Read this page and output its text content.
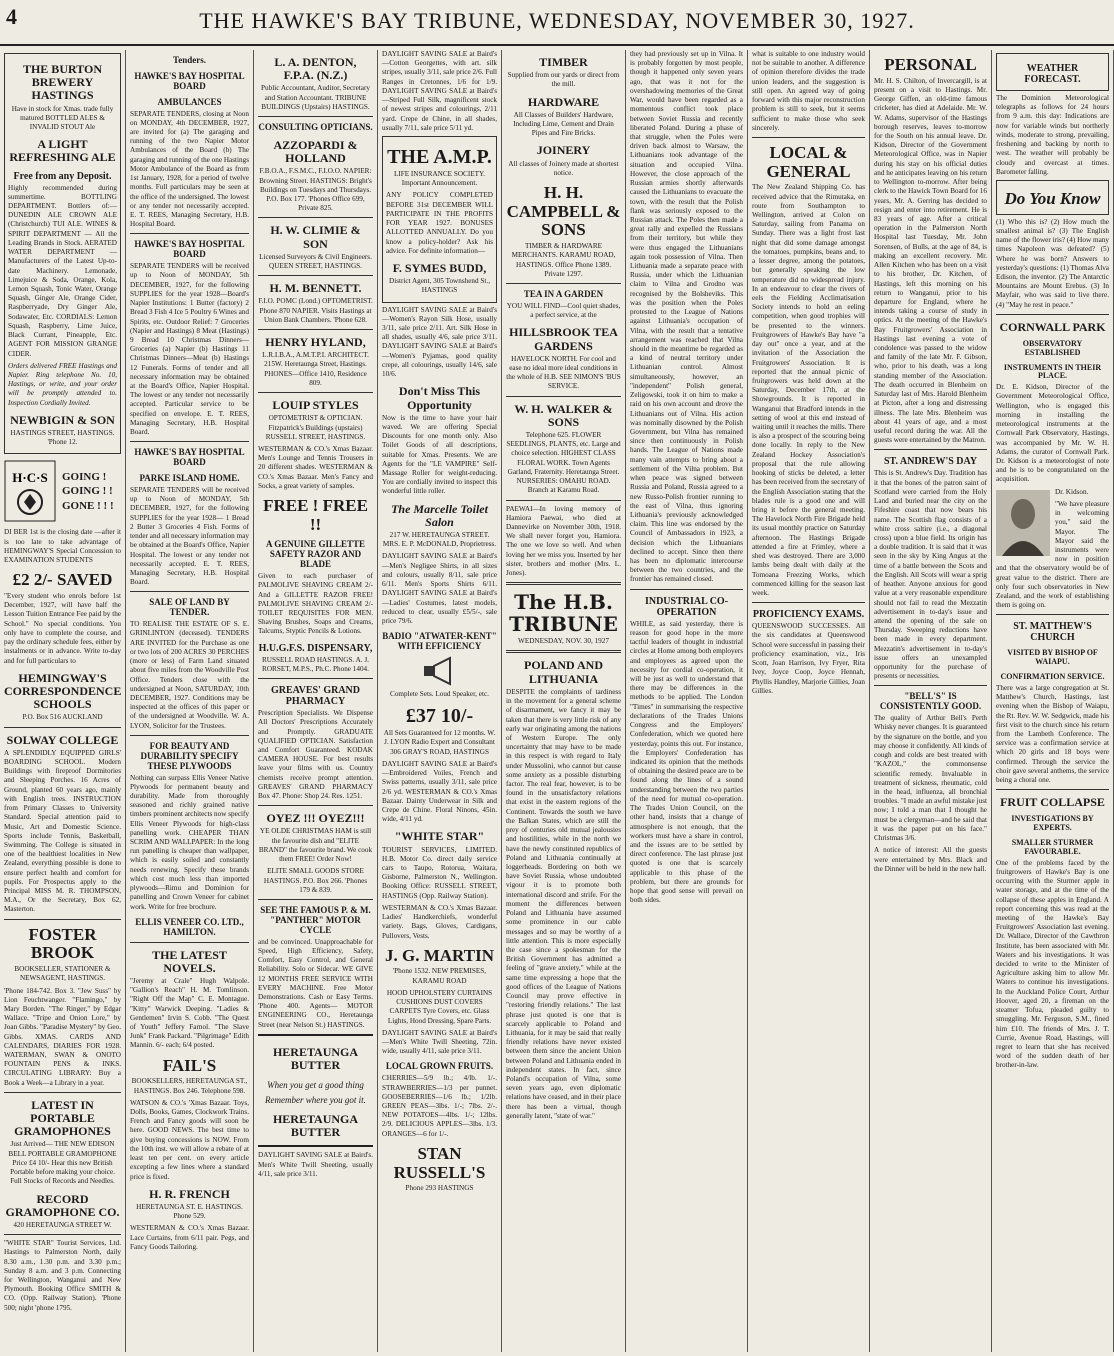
4	THE HAWKE'S BAY TRIBUNE, WEDNESDAY, NOVEMBER 30, 1927.
THE BURTON BREWERY HASTINGS

Have in stock for Xmas. trade fully matured BOTTLED ALES & INVALID STOUT Ale

A LIGHT REFRESHING ALE
Free from any Deposit.

Highly recommended during summertime. BOTTLING DEPARTMENT. Bottlers of:— DUNEDIN ALE CROWN ALE (Christchurch) TUI ALE. WINES & SPIRIT DEPARTMENT — All the Leading Brands in Stock. AERATED WATER DEPARTMENT — Manufacturers of the Latest Up-to-date Machinery. Lemonade, Limejuice & Soda, Orange, Kola, Lemon Squash, Tonic Water, Orange Squash, Ginger Ale, Orange Cider, Raspberryade, Dry Ginger Ale, Sodawater, Etc. CORDIALS: Lemon Squash, Raspberry, Lime Juice, Black Currant, Pineapple, Etc. AGENT FOR MISSION GRANGE CIDER.

Orders delivered FREE Hastings and Napier. Ring telephone No. 10, Hastings, or write, and your order will be promptly attended to. Inspection Cordially Invited.

NEWBIGIN & SON

HASTINGS STREET, HASTINGS. 'Phone 12.

H·C·S GOING !
GOING ! !
GONE ! ! !

DI BER 1st is the closing date —after it is too late to take advantage of HEMINGWAY'S Special Concession to EXAMINATION STUDENTS

£2 2/- SAVED

"Every student who enrols before 1st December, 1927, will have half the Lesson Tuition Entrance Fee paid by the School." No special conditions. You only have to complete the course, and pay the ordinary schedule fees, either by instalments or in advance. Write to-day and for full particulars to

HEMINGWAY'S CORRESPONDENCE SCHOOLS

P.O. Box 516 AUCKLAND

SOLWAY COLLEGE

A SPLENDIDLY EQUIPPED GIRLS' BOARDING SCHOOL. Modern Buildings with fireproof Dormitories and Sleeping Porches. 16 Acres of Ground, planted 60 years ago, mainly with English trees. INSTRUCTION from Primary Classes to University Standard. Special attention paid to Music, Art and Domestic Science. Sports include Tennis, Basketball, Swimming. The College is situated in one of the healthiest localities in New Zealand, everything possible is done to ensure perfect health and comfort for pupils. For Prospectus apply to the Principal MISS M. R. THOMPSON, M.A., Or the Secretary, Box 62, Masterton.

FOSTER BROOK

BOOKSELLER, STATIONER & NEWSAGENT, HASTINGS.

'Phone 184-742. Box 3. "Jew Suss" by Lion Feuchtwanger. "Flamingo," by Mary Borden. "The Ringer," by Edgar Wallace. "Tripe and Onion Lore," by Joan Gibbs. "Paradise Mystery" by Geo. Gibbs. XMAS. CARDS AND CALENDARS, DIARIES FOR 1928. WATERMAN, SWAN & ONOTO FOUNTAIN PENS & INKS. CIRCULATING LIBRARY: Buy a Book a Week—a Library in a year.

LATEST IN PORTABLE GRAMOPHONES

Just Arrived— THE NEW EDISON BELL PORTABLE GRAMOPHONE Price £4 10/- Hear this new British Portable before making your choice. Full Stocks of Records and Needles.

RECORD GRAMOPHONE CO.

420 HERETAUNGA STREET W.

"WHITE STAR" Tourist Services, Ltd. Hastings to Palmerston North, daily 8.30 a.m., 1.30 p.m. and 3.30 p.m.; Sunday 8 a.m. and 3 p.m. Connecting for Wellington, Wanganui and New Plymouth. Booking Office SMITH & CO. (Opp. Railway Station). 'Phone 500; night 'phone 1795.

Tenders.
HAWKE'S BAY HOSPITAL BOARD
AMBULANCES

SEPARATE TENDERS, closing at Noon on MONDAY, 4th DECEMBER, 1927, are invited for (a) The garaging and running of the two Napier Motor Ambulances of the Board (b) The garaging and running of the one Hastings Motor Ambulance of the Board as from 1st January, 1928, for a period of twelve months. Full particulars may be seen at the office of the undersigned. The lowest or any tender not necessarily accepted. E. T. REES, Managing Secretary, H.B. Hospital Board.

HAWKE'S BAY HOSPITAL BOARD

SEPARATE TENDERS will be received up to Noon of MONDAY, 5th DECEMBER, 1927, for the following SUPPLIES for the year 1928—Board's Napier Institutions: 1 Butter (factory) 2 Bread 3 Fish 4 Ice 5 Poultry 6 Wines and Spirits, etc. Outdoor Relief: 7 Groceries (Napier and Hastings) 8 Meat (Hastings) 9 Bread 10 Christmas Dinners—Groceries (a) Napier (b) Hastings 11 Christmas Dinners—Meat (b) Hastings 12 Funerals. Forms of tender and all necessary information may be obtained at the Board's Office, Napier Hospital. The lowest or any tender not necessarily accepted. Particular service to be specified on envelope. E. T. REES, Managing Secretary, H.B. Hospital Board.

HAWKE'S BAY HOSPITAL BOARD
PARKE ISLAND HOME.

SEPARATE TENDERS will be received up to Noon of MONDAY, 5th DECEMBER, 1927, for the following SUPPLIES for the year 1928— 1 Bread 2 Butter 3 Groceries 4 Fish. Forms of tender and all necessary information may be obtained at the Board's Office, Napier Hospital. The lowest or any tender not necessarily accepted. E. T. REES, Managing Secretary, H.B. Hospital Board.

SALE OF LAND BY TENDER.

TO REALISE THE ESTATE OF S. E. GRINLINTON (deceased). TENDERS ARE INVITED for the Purchase as one or two lots of 200 ACRES 30 PERCHES (more or less) of Farm Land situated about five miles from the Woodville Post Office. Tenders close with the undersigned at Noon, SATURDAY, 10th DECEMBER, 1927. Conditions may be inspected at the offices of this paper or of the undersigned at Woodville. W. A. LYON, Solicitor for the Trustees.

FOR BEAUTY AND DURABILITY SPECIFY THESE PLYWOODS

Nothing can surpass Ellis Veneer Native Plywoods for permanent beauty and durability. Made from thoroughly seasoned and richly grained native timbers prominent architects now specify Ellis Veneer Plywoods for high-class panelling work. CHEAPER THAN SCRIM AND WALLPAPER: In the long run panelling is cheaper than wallpaper, which is easily soiled and constantly needs renewing. Specify these brands which cost much less than imported plywoods—Rimu and Dominion for panelling and Crown Veneer for cabinet work. Write for free brochure.

ELLIS VENEER CO. LTD., HAMILTON.
THE LATEST NOVELS.

"Jeremy at Crale" Hugh Walpole. "Gallion's Reach" H. M. Tomlinson. "Right Off the Map" C. E. Montague. "Kitty" Warwick Deeping. "Ladies & Gentlemen" Irvin S. Cobb. "The Quest of Youth" Jeffery Farnol. "The Slave Junk" Frank Packard. "Pilgrimage" Edith Mannin. 6/- each; 6/4 posted.

FAIL'S

BOOKSELLERS, HERETAUNGA ST., HASTINGS. Box 246. Telephone 598.

WATSON & CO.'s 'Xmas Bazaar. Toys, Dolls, Books, Games, Clockwork Trains. French and Fancy goods will soon be here. GOOD NEWS. The best time to give buying concessions is NOW. From the 10th inst. we will allow a rebate of at least ten per cent. on every article excepting a few lines where a standard price is fixed.

H. R. FRENCH

HERETAUNGA ST. E. HASTINGS. Phone 529.

WESTERMAN & CO.'s Xmas Bazaar. Lace Curtains, from 6/11 pair. Pegs, and Fancy Goods Tailoring.

L. A. DENTON, F.P.A. (N.Z.)

Public Accountant, Auditor, Secretary and Station Accountant. TRIBUNE BUILDINGS (Upstairs) HASTINGS.

CONSULTING OPTICIANS.
AZZOPARDI & HOLLAND

F.B.O.A., F.S.M.C., F.I.O.O. NAPIER: Browning Street. HASTINGS: Bright's Buildings on Tuesdays and Thursdays. P.O. Box 177. 'Phones Office 699, Private 825.

H. W. CLIMIE & SON

Licensed Surveyors & Civil Engineers. QUEEN STREET, HASTINGS.

H. M. BENNETT.

F.I.O. POMC (Lond.) OPTOMETRIST. Phone 870 NAPIER. Visits Hastings at Union Bank Chambers. 'Phone 628.

HENRY HYLAND,

L.R.I.B.A., A.M.T.P.I. ARCHITECT. 215W. Heretaunga Street, Hastings. PHONES—Office 1410, Residence 809.

LOUIP STYLES

OPTOMETRIST & OPTICIAN. Fitzpatrick's Buildings (upstairs) RUSSELL STREET, HASTINGS.

WESTERMAN & CO.'s Xmas Bazaar. Men's Lounge and Tennis Trousers in 20 different shades. WESTERMAN & CO.'s Xmas Bazaar. Men's Fancy and Socks, a great variety of samples.

FREE ! FREE !!
A GENUINE GILLETTE SAFETY RAZOR AND BLADE

Given to each purchaser of PALMOLIVE SHAVING CREAM 2/- And a GILLETTE RAZOR FREE! PALMOLIVE SHAVING CREAM 2/- TOILET REQUISITES FOR MEN. Shaving Brushes, Soaps and Creams, Talcums, Styptic Pencils & Lotions.

H.U.G.F.S. DISPENSARY,

RUSSELL ROAD HASTINGS. A. J. RORSET, M.P.S., Ph.C. Phone 1404.

GREAVES' GRAND PHARMACY

Prescription Specialists. We Dispense All Doctors' Prescriptions Accurately and Promptly. GRADUATE QUALIFIED OPTICIAN. Satisfaction and Comfort Guaranteed. KODAK CAMERA HOUSE. For best results leave your films with us. Country chemists receive prompt attention. GREAVES' GRAND PHARMACY Box 47. Phone: Shop 24. Res. 1251.

OYEZ !!! OYEZ!!!

YE OLDE CHRISTMAS HAM is still the favourite dish and "ELITE BRAND" the favourite brand. We cook them FREE! Order Now!

ELITE SMALL GOODS STORE HASTINGS. P.O. Box 266. 'Phones 179 & 839.

SEE THE FAMOUS P. & M. "PANTHER" MOTOR CYCLE

and be convinced. Unapproachable for Speed, High Efficiency, Safety, Comfort, Easy Control, and General Reliability. Solo or Sidecar. WE GIVE 12 MONTHS FREE SERVICE WITH EVERY MACHINE. Free Motor Demonstrations. Cash or Easy Terms. 'Phone 400. Agents— MOTOR ENGINEERING CO., Heretaunga Street (near Nelson St.) HASTINGS.

HERETAUNGA BUTTER

When you get a good thing Remember where you got it.

HERETAUNGA BUTTER

DAYLIGHT SAVING SALE at Baird's. Men's White Twill Sheeting, usually 4/11, sale price 3/11.

DAYLIGHT SAVING SALE at Baird's—Cotton Georgettes, with art. silk stripes, usually 3/11, sale price 2/6. Full Ranges in Cretonnes, 1/6 for 1/9. DAYLIGHT SAVING SALE at Baird's—Striped Full Silk, magnificent stock of newest stripes and colourings, 2/11 yard. Crepe de Chine, in all shades, usually 7/11, sale price 5/11 yd.

THE A.M.P.

LIFE INSURANCE SOCIETY. Important Announcement.

ANY POLICY COMPLETED BEFORE 31st DECEMBER WILL PARTICIPATE IN THE PROFITS FOR YEAR 1927. BONUSES ALLOTTED ANNUALLY. Do you know a policy-holder? Ask his advice. For definite information—

F. SYMES BUDD,

District Agent, 305 Townshend St., HASTINGS

DAYLIGHT SAVING SALE at Baird's—Women's Rayon Silk Hose, usually 3/11, sale price 2/11. Art. Silk Hose in all shades, usually 4/6, sale price 3/11. DAYLIGHT SAVING SALE at Baird's—Women's Pyjamas, good quality crepe, all colourings, usually 14/6, sale 10/6.

Don't Miss This Opportunity

Now is the time to have your hair waved. We are offering Special Discounts for one month only. Also Toilet Goods of all descriptions, suitable for Xmas. Presents. We are Agents for the "LE VAMPIRE" Self-Massage Roller for weight-reducing. You are cordially invited to inspect this wonderful little roller.

The Marcelle Toilet Salon

217 W. HERETAUNGA STREET. MRS. E. P. McDONALD, Proprietress.

DAYLIGHT SAVING SALE at Baird's—Men's Negligee Shirts, in all sizes and colours, usually 8/11, sale price 6/11. Men's Sports Shirts 6/11. DAYLIGHT SAVING SALE at Baird's—Ladies' Costumes, latest models, reduced to clear, usually £5/5/-, sale price 79/6.

BADIO "ATWATER-KENT" WITH EFFICIENCY

Complete Sets. Loud Speaker, etc.

£37 10/-

All Sets Guaranteed for 12 months. W. J. LYON Radio Expert and Consultant 306 GRAY'S ROAD, HASTINGS

DAYLIGHT SAVING SALE at Baird's—Embroidered Voiles, French and Swiss patterns, usually 3/11, sale price 2/6 yd. WESTERMAN & CO.'s Xmas Bazaar. Dainty Underwear in Silk and Crepe de Chine. Floral Ninons, 45in. wide, 4/11 yd.

"WHITE STAR"

TOURIST SERVICES, LIMITED. H.B. Motor Co. direct daily service cars to Taupo, Rotorua, Waitara, Gisborne, Palmerston N., Wellington. Booking Office: RUSSELL STREET, HASTINGS (Opp. Railway Station).

WESTERMAN & CO.'s Xmas Bazaar. Ladies' Handkerchiefs, wonderful variety. Bags, Gloves, Cardigans, Pullovers, Vests.

J. G. MARTIN

'Phone 1532. NEW PREMISES, KARAMU ROAD

HOOD UPHOLSTERY CURTAINS CUSHIONS DUST COVERS CARPETS Tyre Covers, etc. Glass Lights, Hood Dressing, Spare Parts.

DAYLIGHT SAVING SALE at Baird's—Men's White Twill Sheeting, 72in. wide, usually 4/11, sale price 3/11.

LOCAL GROWN FRUITS.

CHERRIES—5/9 lb.; 4/lb. 1/-. STRAWBERRIES—1/3 per punnet. GOOSEBERRIES—1/6 lb.; 1/2lb. GREEN PEAS—3lbs. 1/-; 7lbs. 2/-. NEW POTATOES—4lbs. 1/-; 12lbs. 2/9. DELICIOUS APPLES—3lbs. 1/3. ORANGES—6 for 1/-.

STAN RUSSELL'S

Phone 293 HASTINGS

TIMBER

Supplied from our yards or direct from the mill.

HARDWARE

All Classes of Builders' Hardware, Including Lime, Cement and Drain Pipes and Fire Bricks.

JOINERY

All classes of Joinery made at shortest notice.

H. H. CAMPBELL & SONS

TIMBER & HARDWARE MERCHANTS. KARAMU ROAD, HASTINGS. Office Phone 1389. Private 1297.

TEA IN A GARDEN

YOU WILL FIND—Cool quiet shades, a perfect service, at the

HILLSBROOK TEA GARDENS

HAVELOCK NORTH. For cool and ease no ideal more ideal conditions in the whole of H.B. SEE NIMON'S 'BUS SERVICE.

W. H. WALKER & SONS

Telephone 625. FLOWER SEEDLINGS, PLANTS, etc. Large and choice selection. HIGHEST CLASS FLORAL WORK. Town Agents Garland, Fraternity. Heretaunga Street. NURSERIES: OMAHU ROAD. Branch at Karamu Road.

PAEWAI—In loving memory of Hamiora Paewai, who died at Dannevirke on November 30th, 1918. We shall never forget you, Hamiora. The one we love so well. And when loving her we miss you. Inserted by her sister, brothers and mother (Mrs. L. Jones).

The H.B. TRIBUNE

WEDNESDAY, NOV. 30, 1927

POLAND AND LITHUANIA

DESPITE the complaints of tardiness in the movement for a general scheme of disarmament, we fancy it may be taken that there is very little risk of any early war originating among the nations of Western Europe. The only uncertainty that may have to be made in this respect is with regard to Italy under Mussolini, who cannot but cause some anxiety as a possible disturbing factor. The real fear, however, is to be found in the unsatisfactory relations that exist in the eastern regions of the Continent. Towards the south we have the Balkan States, which are still the prey of centuries old mutual jealousies and hostilities, while in the north we have the newly constituted republics of Poland and Lithuania continually at loggerheads. Bordering on both we have Soviet Russia, whose undoubted vigour it is to promote both international discord and strife. For the moment the differences between Poland and Lithuania have assumed some prominence in our cable messages and so may be worthy of a little attention. This is more especially the case since a spokesman for the British Government has admitted a feeling of "grave anxiety," while at the same time expressing a hope that the good offices of the League of Nations Council may prove effective in "restoring friendly relations." The last phrase just quoted is one that is scarcely applicable to Poland and Lithuania, for it may be said that really friendly relations have never existed between them since the ancient Union between Poland and Lithuania ended in independent states. In fact, since Poland's occupation of Vilna, some seven years ago, even diplomatic relations have ceased, and in their place there has been a virtual, though generally latent, "state of war."

they had previously set up in Vilna. It is probably forgotten by most people, though it happened only seven years ago, that was it not for the overshadowing memories of the Great War, would have been regarded as a momentous conflict took place between Soviet Russia and recently liberated Poland. During a phase of that struggle, when the Poles were driven back almost to Warsaw, the Lithuanians took advantage of the situation and occupied Vilna. However, the close approach of the Russian armies shortly afterwards caused the Lithuanians to evacuate the town, with the result that the Polish flank was seriously exposed to the Russian attack. The Poles then made a great rally and expelled the Russians from their territory, but while they were thus engaged the Lithuanians again took possession of Vilna. Then Lithuania made a separate peace with Russia, under which the Lithuanian claim to Vilna and Grodno was recognised by the Bolsheviks. This was the position when the Poles protested to the League of Nations against Lithuania's occupation of Vilna, with the result that a tentative arrangement was reached that Vilna should in the meantime be regarded as a kind of neutral territory under Lithuanian control. Almost simultaneously, however, an "independent" Polish general, Zeligowski, took it on him to make a raid on his own account and drove the Lithuanians out of Vilna. His action was nominally disowned by the Polish Government, but Vilna has remained since then continuously in Polish hands. The League of Nations made many vain attempts to bring about a settlement of the Vilna problem. But when peace was signed between Russia and Poland, Russia agreed to a new Russo-Polish frontier running to the east of Vilna, thus ignoring Lithuania's previously acknowledged claim. This line was endorsed by the Council of Ambassadors in 1923, a decision which the Lithuanians declined to accept. Since then there has been no diplomatic intercourse between the two countries, and the frontier has remained closed.

INDUSTRIAL CO-OPERATION

WHILE, as said yesterday, there is reason for good hope in the more tactful leaders of thought in industrial circles at Home among both employers and employees as agreed upon the necessity for cordial co-operation, it will be just as well to understand that there may be differences in the methods to be applied. The London "Times" in summarising the respective declarations of the Trades Unions Congress and the Employers' Confederation, which we quoted here yesterday, points this out. For instance, the Employers' Confederation has indicated its opinion that the methods of obtaining the desired peace are to be found along the lines of a sound understanding between the two parties of the need for mutual co-operation. The Trades Union Council, on the other hand, insists that a change of atmosphere is not enough, that the workers must have a share in control, and the issues are to be settled by direct conference. The last phrase just quoted is one that is scarcely applicable to this phase of the problem, but there are grounds for hope that good sense will prevail on both sides.

what is suitable to one industry would not be suitable to another. A difference of opinion therefore divides the trade union leaders, and the suggestion is still open. An agreed way of going forward with this major reconstruction problem is still to seek, but it seems sufficient to make those who seek sincerely.

LOCAL & GENERAL

The New Zealand Shipping Co. has received advice that the Rimutaka, en route from Southampton to Wellington, arrived at Colon on Saturday, sailing from Panama on Sunday. There was a light frost last night that did some damage amongst the tomatoes, pumpkins, beans and, to a lesser degree, among the potatoes, but generally speaking the low temperature did no widespread injury. In an endeavour to clear the rivers of eels the Fielding Acclimatisation Society intends to hold an eeling competition, when good trophies will be presented to the winners. Fruitgrowers of Hawke's Bay have "a day out" once a year, and at the invitation of the Association the Fruitgrowers' Association. It is reported that the annual picnic of fruitgrowers was held down at the Saturday, December 17th, at the Showgrounds. It is reported in Wanganui that Bradford intends in the setting of wool at this end instead of waiting until it reaches the mills. There is also a prospect of the scouring being done locally. In reply to the New Zealand Hockey Association's proposal that the rule allowing hooking of sticks be deleted, a letter has been received from the secretary of the English Association stating that the blades rule is a good one and will bring it before the general meeting. The Havelock North Fire Brigade held its usual monthly practice on Saturday afternoon. The Hastings Brigade attended a fire at Frimley, where a shed was destroyed. There are 3,000 lambs being dealt with daily at the Tomoana Freezing Works, which commenced killing for the season last week.

PROFICIENCY EXAMS.

QUEENSWOOD SUCCESSES. All the six candidates at Queenswood School were successful in passing their proficiency examination, viz., Iris Scott, Joan Harrison, Ivy Fryer, Rita Ivey, Joyce Coop, Joyce Hennah, Phyllis Handley, Marjorie Gillies, Joan Gillies.

PERSONAL

Mr. H. S. Chilton, of Invercargill, is at present on a visit to Hastings. Mr. George Giffen, an old-time famous cricketer, has died at Adelaide. Mr. W. W. Adams, supervisor of the Hastings borough reserves, leaves to-morrow for the South on his annual leave. Dr. Kidson, Director of the Government Meteorological Office, was in Napier during his stay on his official duties and he anticipates leaving on his return to Wellington to-morrow. After being clerk to the Hawick Town Board for 16 years, Mr. A. Gerring has decided to resign and enter into retirement. He is 83 years of age. After a critical operation in the Palmerston North Hospital last Tuesday, Mr. John Sorensen, of Bulls, at the age of 84, is making an excellent recovery. Mr. Allen Kitchen who has been on a visit to his brother, Dr. Kitchen, of Hastings, left this morning on his return to Wanganui, prior to his departure for England, where he intends taking a course of study in optics. At the meeting of the Hawke's Bay Fruitgrowers' Association in Hastings last evening a vote of condolence was passed to the widow and family of the late Mr. F. Gibson, who, prior to his death, was a long standing member of the Association. The death occurred in Blenheim on Saturday last of Mrs. Harold Blenheim at Picton, after a long and distressing illness. The late Mrs. Blenheim was about 41 years of age, and a most useful record during the war. All the guests were entertained by the Matron.

ST. ANDREW'S DAY

This is St. Andrew's Day. Tradition has it that the bones of the patron saint of Scotland were carried from the Holy Land and buried near the city on the Fifeshire coast that now bears his name. The Scottish flag consists of a white cross saltire (i.e., a diagonal cross) upon a blue field. Its origin has a double tradition. It is said that it was seen in the sky by King Angus at the time of a battle between the Scots and the English. All Scots will wear a sprig of heather. Anyone anxious for good value at a very reasonable expenditure should not fail to read the Mezzatin advertisement in to-day's issue and attend the opening of the sale on Thursday. Sweeping reductions have been made in every department. Mezzatin's advertisement in to-day's issue offers an unexampled opportunity for the purchase of presents or necessities.

"BELL'S" IS CONSISTENTLY GOOD.

The quality of Arthur Bell's Perth Whisky never changes. It is guaranteed by the signature on the bottle, and you may choose it confidently. All kinds of cough and colds are best treated with "KAZOL," the commonsense scientific remedy. Invaluable in treatment of sickness, rheumatic, cold in the head, influenza, all bronchial troubles. "I made an awful mistake just now; I told a man that I thought he must be a clergyman—and he said that it was the paper put on his face." Christmas 3/6.

A notice of interest: All the guests were entertained by Mrs. Black and the Dinner will be held in the new hall.

WEATHER FORECAST.

The Dominion Meteorological telegraphs as follows for 24 hours from 9 a.m. this day: Indications are now for variable winds but northerly winds, moderate to strong, prevailing, freshening and backing by north to west. The weather will probably be cloudy and overcast at times. Barometer falling.

Do You Know

(1) Who this is? (2) How much the smallest animal is? (3) The English name of the flower iris? (4) How many times Napoleon was defeated? (5) Where he was born? Answers to yesterday's questions: (1) Thomas Alva Edison, the inventor. (2) The Antarctic Mountains are Mount Erebus. (3) In Mayfair, who was said to live there. (4) "May he rest in peace."

CORNWALL PARK
OBSERVATORY ESTABLISHED
INSTRUMENTS IN THEIR PLACE.

Dr. E. Kidson, Director of the Government Meteorological Office, Wellington, who is engaged this morning in installing the meteorological instruments at the Cornwall Park Observatory, Hastings, was accompanied by Mr. W. H. Adams, the curator of Cornwall Park. Dr. Kidson is a meteorologist of note and he is to be congratulated on the acquisition.

Dr. Kidson.

"We have pleasure in welcoming you," said the Mayor. The Mayor said the instruments were now in position and that the observatory would be of great value to the district. There are only four such observatories in New Zealand, and the work of establishing them is going on.

ST. MATTHEW'S CHURCH
VISITED BY BISHOP OF WAIAPU.
CONFIRMATION SERVICE.

There was a large congregation at St. Matthew's Church, Hastings, last evening when the Bishop of Waiapu, the Rt. Rev. W. W. Sedgwick, made his first visit to the church since his return from the Lambeth Conference. The service was a confirmation service at which 20 girls and 18 boys were confirmed. Through the service the choir gave several anthems, the service being a choral one.

FRUIT COLLAPSE
INVESTIGATIONS BY EXPERTS.
SMALLER STURMER FAVOURABLE.

One of the problems faced by the fruitgrowers of Hawke's Bay is one occurring with the Sturmer apple in water storage, and at the time of the collapse of these apples in England. A report concerning this was read at the meeting of the Hawke's Bay Fruitgrowers' Association last evening. Dr. Wallace, Director of the Cawthron Institute, has been associated with Mr. Waters and his investigations. It was decided to write to the Minister of Agriculture asking him to allow Mr. Waters to continue his investigations. In the Auckland Police Court, Arthur Hoover, aged 20, a fireman on the steamer Tofua, pleaded guilty to smuggling. Mr. Ferguson, S.M., fined him £10. The friends of Mrs. J. T. Currie, Avenue Road, Hastings, will regret to learn that she has received word of the sudden death of her brother-in-law.
